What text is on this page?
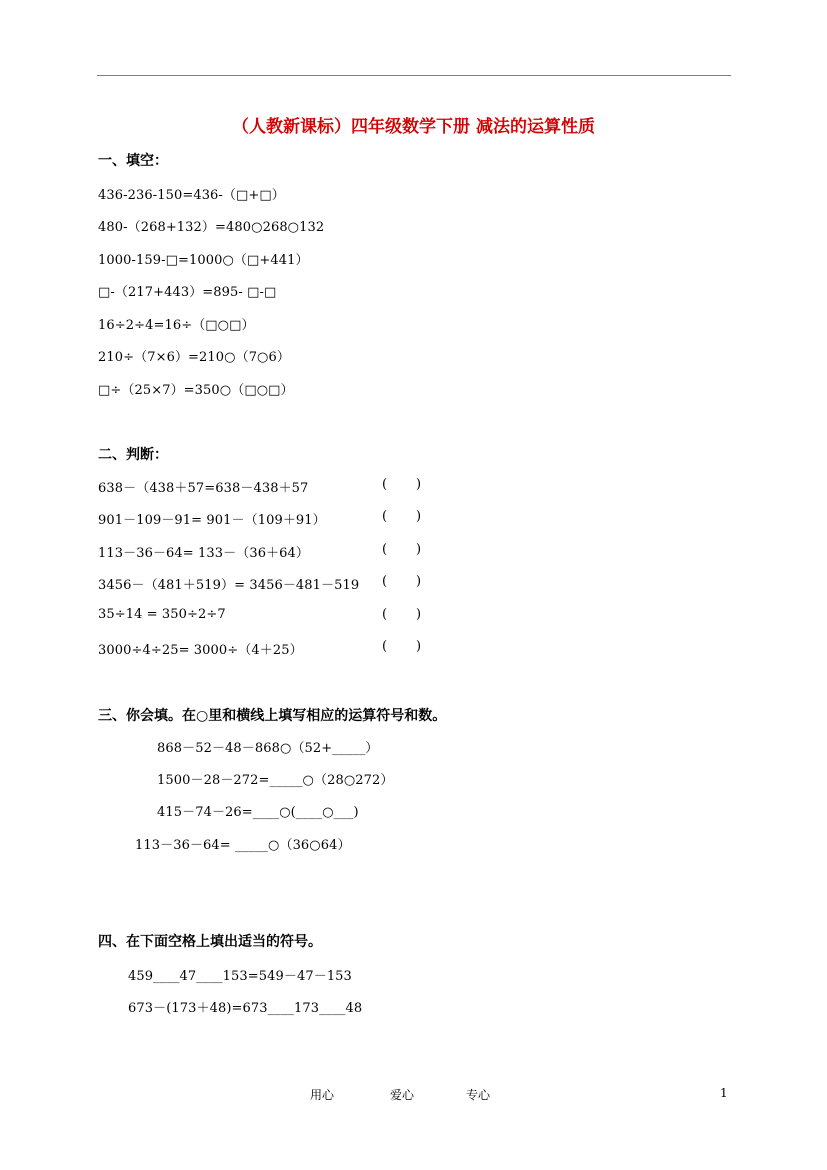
（人教新课标）四年级数学下册 减法的运算性质
一、填空：
436-236-150=436-（□+□）
480-（268+132）=480○268○132
1000-159-□=1000○（□+441）
□-（217+443）=895- □-□
16÷2÷4=16÷（□○□）
210÷（7×6）=210○（7○6）
□÷（25×7）=350○（□○□）
二、判断：
638－（438＋57=638－438＋57	(       )
901－109－91= 901－（109＋91）	(       )
113－36－64= 133－（36＋64）	(       )
3456－（481＋519）= 3456－481－519 (       )
35÷14 = 350÷2÷7	(       )
3000÷4÷25= 3000÷（4＋25）	(       )
三、你会填。在○里和横线上填写相应的运算符号和数。
868－52－48－868○（52+_____）
1500－28－272=_____○（28○272）
415－74－26=____○(____○___)
113－36－64= _____○（36○64）
四、在下面空格上填出适当的符号。
459____47____153=549－47－153
673－(173＋48)=673____173____48
用心	爱心	专心	1
